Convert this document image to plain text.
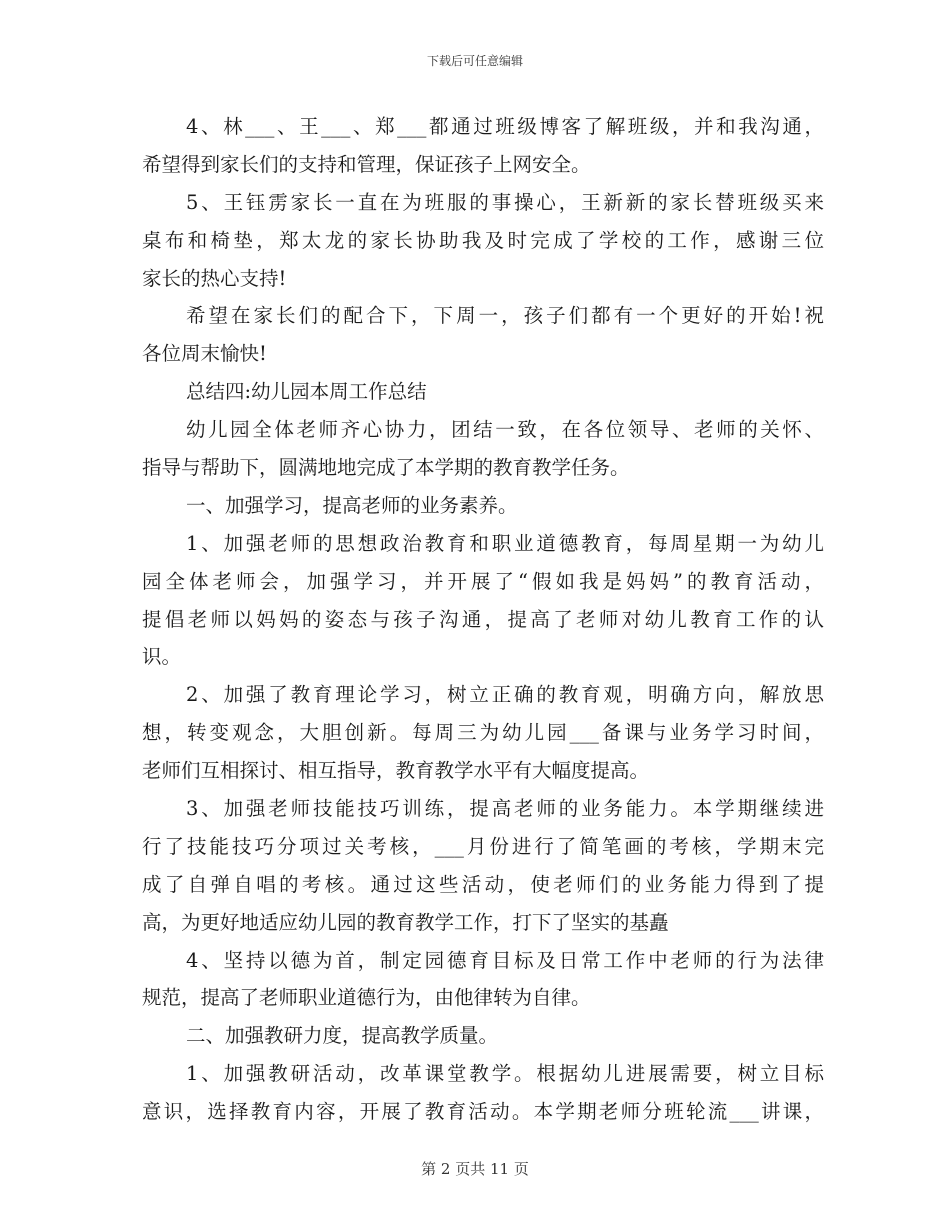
下载后可任意编辑
4、林___、王___、郑___都通过班级博客了解班级，并和我沟通，
希望得到家长们的支持和管理，保证孩子上网安全。
5、王钰雳家长一直在为班服的事操心，王新新的家长替班级买来
桌布和椅垫，郑太龙的家长协助我及时完成了学校的工作，感谢三位
家长的热心支持!
希望在家长们的配合下，下周一，孩子们都有一个更好的开始!祝
各位周末愉快!
总结四:幼儿园本周工作总结
幼儿园全体老师齐心协力，团结一致，在各位领导、老师的关怀、
指导与帮助下，圆满地地完成了本学期的教育教学任务。
一、加强学习，提高老师的业务素养。
1、加强老师的思想政治教育和职业道德教育，每周星期一为幼儿
园全体老师会，加强学习，并开展了“假如我是妈妈”的教育活动，
提倡老师以妈妈的姿态与孩子沟通，提高了老师对幼儿教育工作的认
识。
2、加强了教育理论学习，树立正确的教育观，明确方向，解放思
想，转变观念，大胆创新。每周三为幼儿园___备课与业务学习时间，
老师们互相探讨、相互指导，教育教学水平有大幅度提高。
3、加强老师技能技巧训练，提高老师的业务能力。本学期继续进
行了技能技巧分项过关考核，___月份进行了简笔画的考核，学期末完
成了自弹自唱的考核。通过这些活动，使老师们的业务能力得到了提
高，为更好地适应幼儿园的教育教学工作，打下了坚实的基矗
4、坚持以德为首，制定园德育目标及日常工作中老师的行为法律
规范，提高了老师职业道德行为，由他律转为自律。
二、加强教研力度，提高教学质量。
1、加强教研活动，改革课堂教学。根据幼儿进展需要，树立目标
意识，选择教育内容，开展了教育活动。本学期老师分班轮流___讲课，
第 2 页共 11 页
